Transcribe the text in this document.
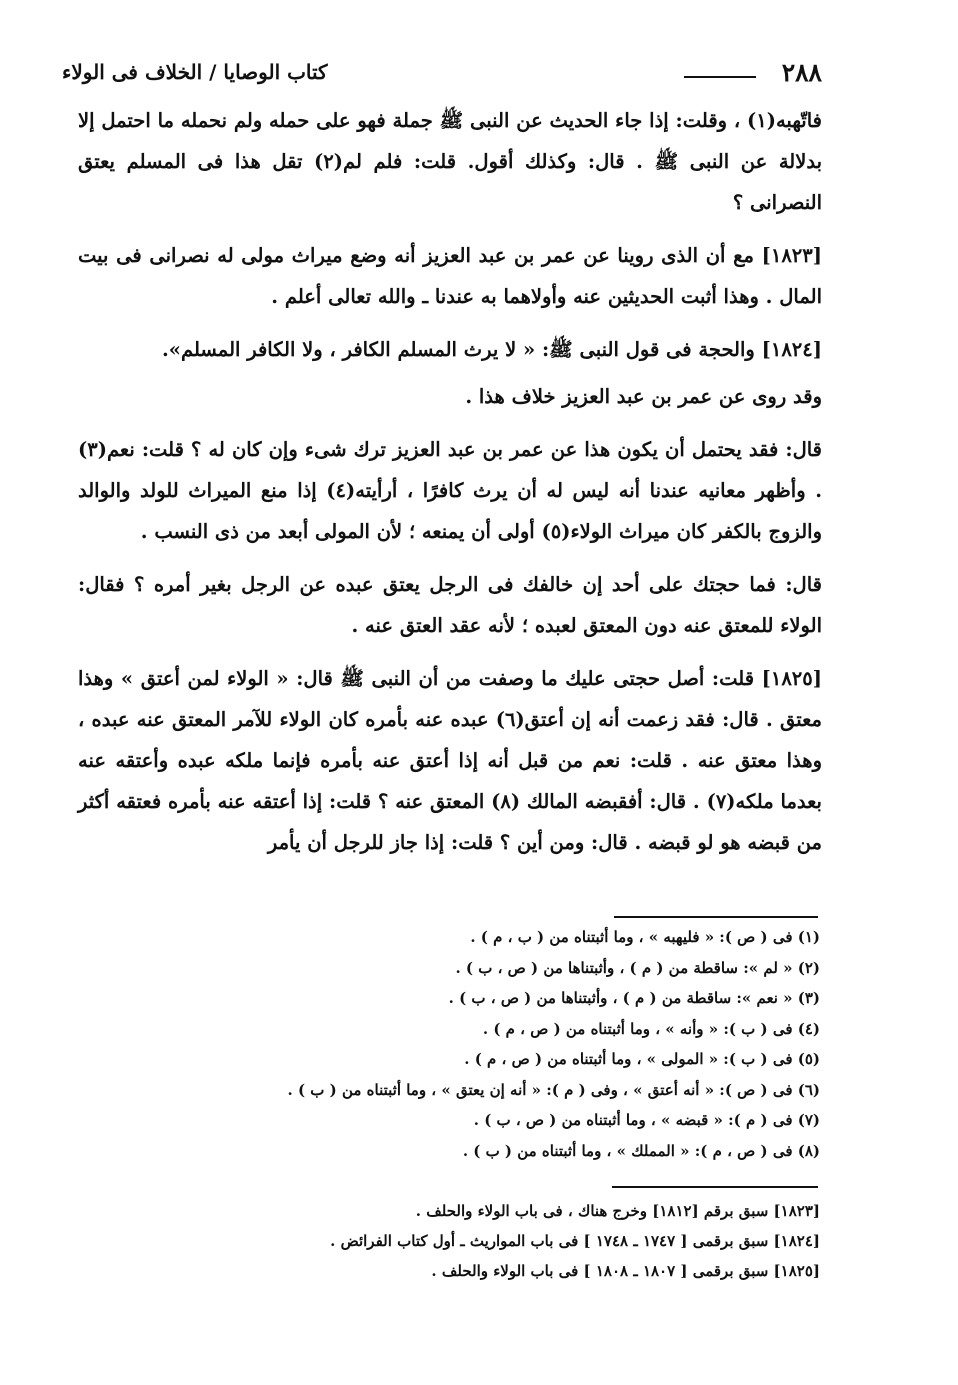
٢٨٨
كتاب الوصايا / الخلاف فى الولاء

فاتّهبه(١) ، وقلت: إذا جاء الحديث عن النبى ﷺ جملة فهو على حمله ولم نحمله ما احتمل إلا بدلالة عن النبى ﷺ . قال: وكذلك أقول. قلت: فلم لم(٢) تقل هذا فى المسلم يعتق النصرانى ؟

[١٨٢٣] مع أن الذى روينا عن عمر بن عبد العزيز أنه وضع ميراث مولى له نصرانى فى بيت المال . وهذا أثبت الحديثين عنه وأولاهما به عندنا ـ والله تعالى أعلم .

[١٨٢٤] والحجة فى قول النبى ﷺ: « لا يرث المسلم الكافر ، ولا الكافر المسلم».

وقد روى عن عمر بن عبد العزيز خلاف هذا .

قال: فقد يحتمل أن يكون هذا عن عمر بن عبد العزيز ترك شىء وإن كان له ؟ قلت: نعم(٣) . وأظهر معانيه عندنا أنه ليس له أن يرث كافرًا ، أرأيته(٤) إذا منع الميراث للولد والوالد والزوج بالكفر كان ميراث الولاء(٥) أولى أن يمنعه ؛ لأن المولى أبعد من ذى النسب .

قال: فما حجتك على أحد إن خالفك فى الرجل يعتق عبده عن الرجل بغير أمره ؟ فقال: الولاء للمعتق عنه دون المعتق لعبده ؛ لأنه عقد العتق عنه .

[١٨٢٥] قلت: أصل حجتى عليك ما وصفت من أن النبى ﷺ قال: « الولاء لمن أعتق » وهذا معتق . قال: فقد زعمت أنه إن أعتق(٦) عبده عنه بأمره كان الولاء للآمر المعتق عنه عبده ، وهذا معتق عنه . قلت: نعم من قبل أنه إذا أعتق عنه بأمره فإنما ملكه عبده وأعتقه عنه بعدما ملكه(٧) . قال: أفقبضه المالك (٨) المعتق عنه ؟ قلت: إذا أعتقه عنه بأمره فعتقه أكثر من قبضه هو لو قبضه . قال: ومن أين ؟ قلت: إذا جاز للرجل أن يأمر

(١) فى ( ص ): « فليهبه » ، وما أثبتناه من ( ب ، م ) .
(٢) « لم »: ساقطة من ( م ) ، وأثبتناها من ( ص ، ب ) .
(٣) « نعم »: ساقطة من ( م ) ، وأثبتناها من ( ص ، ب ) .
(٤) فى ( ب ): « وأنه » ، وما أثبتناه من ( ص ، م ) .
(٥) فى ( ب ): « المولى » ، وما أثبتناه من ( ص ، م ) .
(٦) فى ( ص ): « أنه أعتق » ، وفى ( م ): « أنه إن يعتق » ، وما أثبتناه من ( ب ) .
(٧) فى ( م ): « قبضه » ، وما أثبتناه من ( ص ، ب ) .
(٨) فى ( ص ، م ): « المملك » ، وما أثبتناه من ( ب ) .
[١٨٢٣] سبق برقم [١٨١٢] وخرج هناك ، فى باب الولاء والحلف .
[١٨٢٤] سبق برقمى [ ١٧٤٧ ـ ١٧٤٨ ] فى باب المواريث ـ أول كتاب الفرائض .
[١٨٢٥] سبق برقمى [ ١٨٠٧ ـ ١٨٠٨ ] فى باب الولاء والحلف .
